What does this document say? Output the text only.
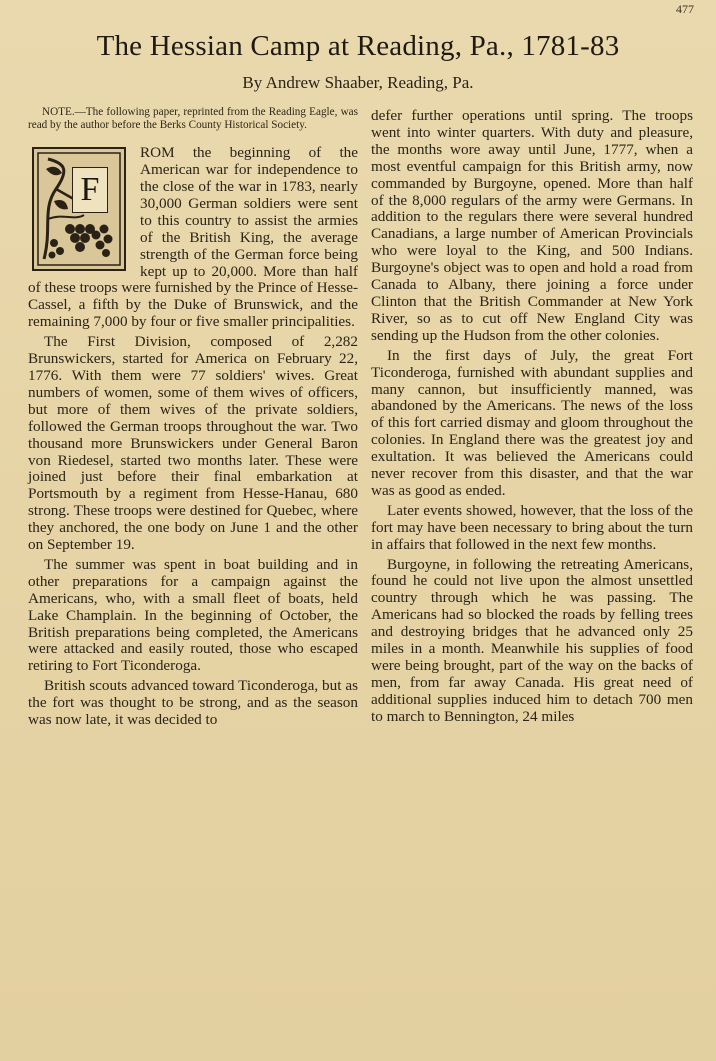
477
The Hessian Camp at Reading, Pa., 1781-83
By Andrew Shaaber, Reading, Pa.

NOTE.—The following paper, reprinted from the Reading Eagle, was read by the author before the Berks County Historical Society.

F

ROM the beginning of the American war for independence to the close of the war in 1783, nearly 30,000 German soldiers were sent to this country to assist the armies of the British King, the average strength of the German force being kept up to 20,000. More than half of these troops were furnished by the Prince of Hesse-Cassel, a fifth by the Duke of Brunswick, and the remaining 7,000 by four or five smaller principalities.

The First Division, composed of 2,282 Brunswickers, started for America on February 22, 1776. With them were 77 soldiers' wives. Great numbers of women, some of them wives of officers, but more of them wives of the private soldiers, followed the German troops throughout the war. Two thousand more Brunswickers under General Baron von Riedesel, started two months later. These were joined just before their final embarkation at Portsmouth by a regiment from Hesse-Hanau, 680 strong. These troops were destined for Quebec, where they anchored, the one body on June 1 and the other on September 19.

The summer was spent in boat building and in other preparations for a campaign against the Americans, who, with a small fleet of boats, held Lake Champlain. In the beginning of October, the British preparations being completed, the Americans were attacked and easily routed, those who escaped retiring to Fort Ticonderoga.

British scouts advanced toward Ticonderoga, but as the fort was thought to be strong, and as the season was now late, it was decided to

defer further operations until spring. The troops went into winter quarters. With duty and pleasure, the months wore away until June, 1777, when a most eventful campaign for this British army, now commanded by Burgoyne, opened. More than half of the 8,000 regulars of the army were Germans. In addition to the regulars there were several hundred Canadians, a large number of American Provincials who were loyal to the King, and 500 Indians. Burgoyne's object was to open and hold a road from Canada to Albany, there joining a force under Clinton that the British Commander at New York River, so as to cut off New England City was sending up the Hudson from the other colonies.

In the first days of July, the great Fort Ticonderoga, furnished with abundant supplies and many cannon, but insufficiently manned, was abandoned by the Americans. The news of the loss of this fort carried dismay and gloom throughout the colonies. In England there was the greatest joy and exultation. It was believed the Americans could never recover from this disaster, and that the war was as good as ended.

Later events showed, however, that the loss of the fort may have been necessary to bring about the turn in affairs that followed in the next few months.

Burgoyne, in following the retreating Americans, found he could not live upon the almost unsettled country through which he was passing. The Americans had so blocked the roads by felling trees and destroying bridges that he advanced only 25 miles in a month. Meanwhile his supplies of food were being brought, part of the way on the backs of men, from far away Canada. His great need of additional supplies induced him to detach 700 men to march to Bennington, 24 miles
